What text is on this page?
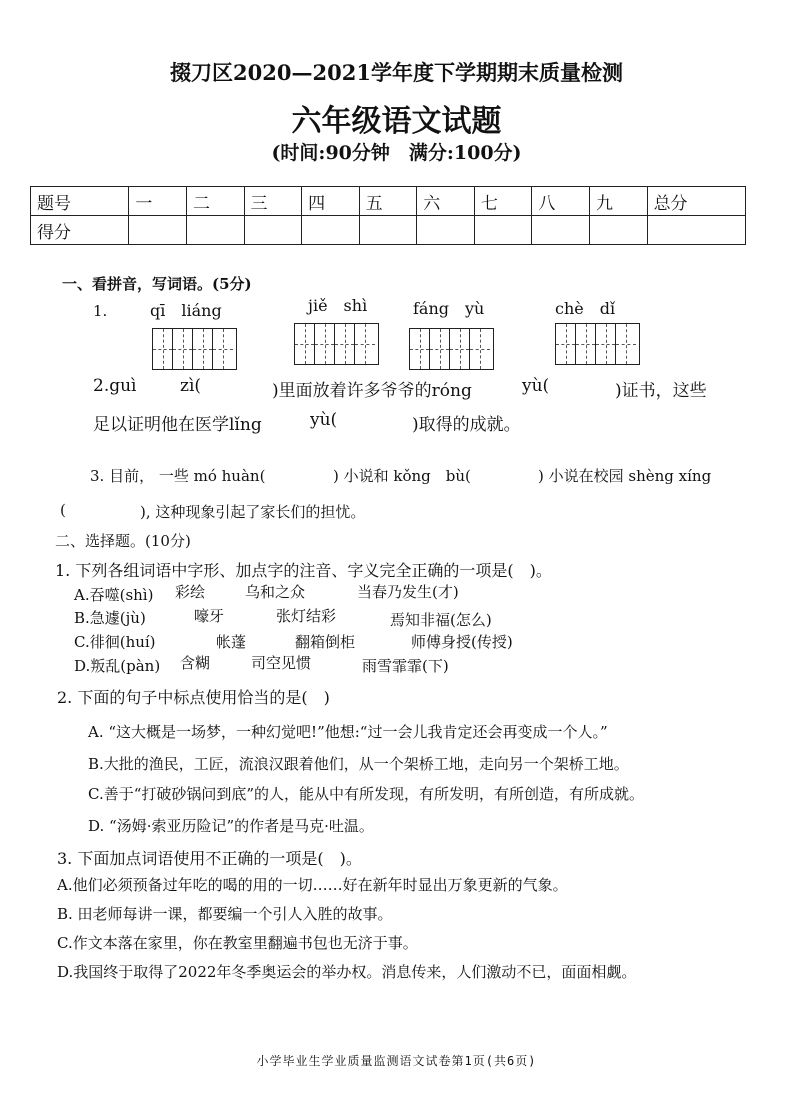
掇刀区2020—2021学年度下学期期末质量检测
六年级语文试题
(时间:90分钟　满分:100分)
题号	一	二	三	四	五	六	七	八	九	总分
得分										
一、看拼音，写词语。(5分)
1.	qī　liáng	jiě　shì	fáng　yù	chè　dǐ
2.guì	zì(	)里面放着许多爷爷的róng	yù(	)证书，这些
足以证明他在医学lǐng	yù(	)取得的成就。
3. 目前， 一些 mó huàn(	) 小说和 kǒng　bù(	) 小说在校园 shèng xíng
(	), 这种现象引起了家长们的担忧。
二、选择题。(10分)
1. 下列各组词语中字形、加点字的注音、字义完全正确的一项是(　)。
A.吞噬(shì) 彩绘	乌和之众	当春乃发生(才)
B.急遽(jù)	嚎牙	张灯结彩	焉知非福(怎么)
C.徘徊(huí)	帐蓬	翻箱倒柜	师傅身授(传授)
D.叛乱(pàn) 含糊	司空见惯	雨雪霏霏(下)
2. 下面的句子中标点使用恰当的是(　)
A. “这大概是一场梦，一种幻觉吧!”他想:“过一会儿我肯定还会再变成一个人。”
B.大批的渔民，工匠，流浪汉跟着他们，从一个架桥工地，走向另一个架桥工地。
C.善于“打破砂锅问到底”的人，能从中有所发现，有所发明，有所创造，有所成就。
D. “汤姆·索亚历险记”的作者是马克·吐温。
3. 下面加点词语使用不正确的一项是(　)。
A.他们必须预备过年吃的喝的用的一切……好在新年时显出万象更新的气象。
B. 田老师每讲一课，都要编一个引人入胜的故事。
C.作文本落在家里，你在教室里翻遍书包也无济于事。
D.我国终于取得了2022年冬季奥运会的举办权。消息传来，人们激动不已，面面相觑。
小学毕业生学业质量监测语文试卷第1页(共6页)
